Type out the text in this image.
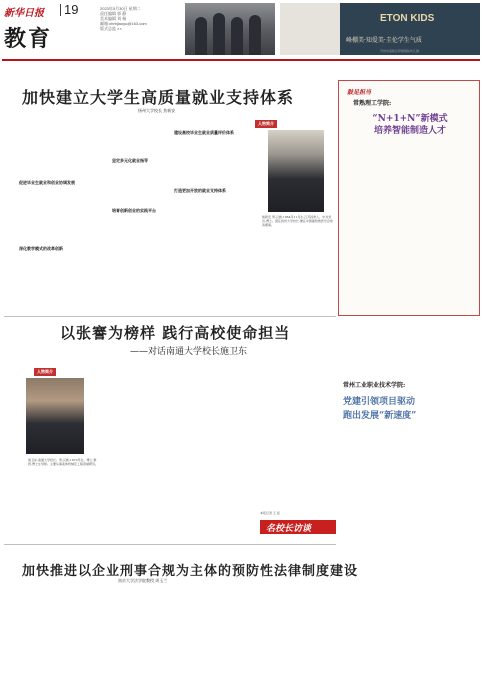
新华日报 19
教育
2023年5月30日 星期二
责任编辑 郭 静
美术编辑 刘 杨
邮箱:xhrbjiaoyu@163.com
版式总监 ××
ETON KIDS
峰棚美·知爱美·圭伦学生气质
苏州市高新区伊顿国际幼儿园
加快建立大学生高质量就业支持体系
扬州大学校长 焦新安
促进毕业生就业和创业协调发展
深化教学模式的改革创新
坚定多元化就业指导
培育创新创业的实践平台
建设高校毕业生就业质量评价体系
打造更加开放的就业支持体系
人物简介
焦新安 男,汉族,1964年11月生,江苏扬州人。中共党员,博士。现任扬州大学校长,兼任中国畜牧兽医学会常务理事。
鼓足担当
常熟理工学院:
“N+1+N”新模式
培养智能制造人才
以张謇为榜样 践行高校使命担当
——对话南通大学校长施卫东
人物简介
施卫东,南通大学校长。男,汉族,1970年生。博士,教授,博士生导师。主要从事流体机械及工程领域研究。
本报记者 王 拓
名校长访谈
常州工业职业技术学院:
党建引领项目驱动
跑出发展“新速度”
加快推进以企业刑事合规为主体的预防性法律制度建设
南京大学法学院教授 周玉兰
